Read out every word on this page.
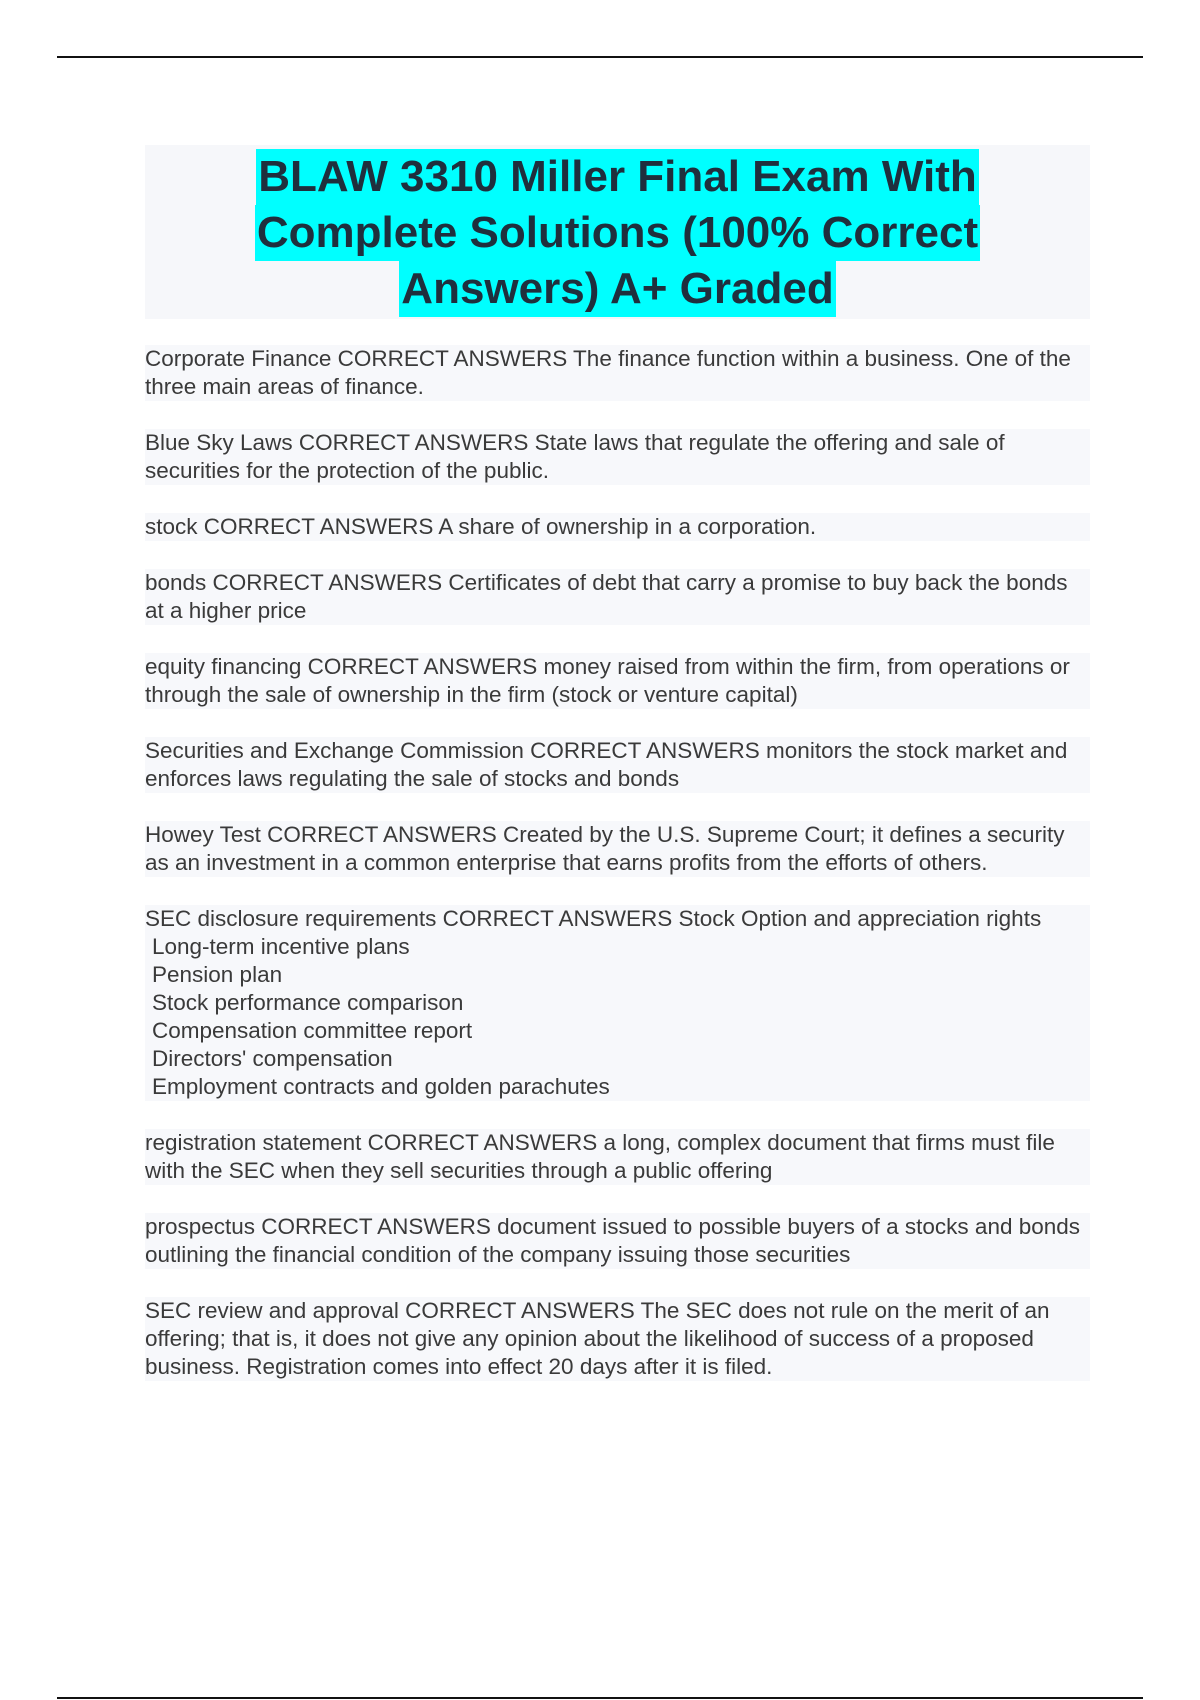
BLAW 3310 Miller Final Exam With
Complete Solutions (100% Correct
Answers) A+ Graded

Corporate Finance CORRECT ANSWERS The finance function within a business. One of the three main areas of finance.

Blue Sky Laws CORRECT ANSWERS State laws that regulate the offering and sale of securities for the protection of the public.

stock CORRECT ANSWERS A share of ownership in a corporation.

bonds CORRECT ANSWERS Certificates of debt that carry a promise to buy back the bonds at a higher price

equity financing CORRECT ANSWERS money raised from within the firm, from operations or through the sale of ownership in the firm (stock or venture capital)

Securities and Exchange Commission CORRECT ANSWERS monitors the stock market and enforces laws regulating the sale of stocks and bonds

Howey Test CORRECT ANSWERS Created by the U.S. Supreme Court; it defines a security as an investment in a common enterprise that earns profits from the efforts of others.

SEC disclosure requirements CORRECT ANSWERS Stock Option and appreciation rights
Long-term incentive plans
Pension plan
Stock performance comparison
Compensation committee report
Directors' compensation
Employment contracts and golden parachutes

registration statement CORRECT ANSWERS a long, complex document that firms must file with the SEC when they sell securities through a public offering

prospectus CORRECT ANSWERS document issued to possible buyers of a stocks and bonds outlining the financial condition of the company issuing those securities

SEC review and approval CORRECT ANSWERS The SEC does not rule on the merit of an offering; that is, it does not give any opinion about the likelihood of success of a proposed business. Registration comes into effect 20 days after it is filed.
